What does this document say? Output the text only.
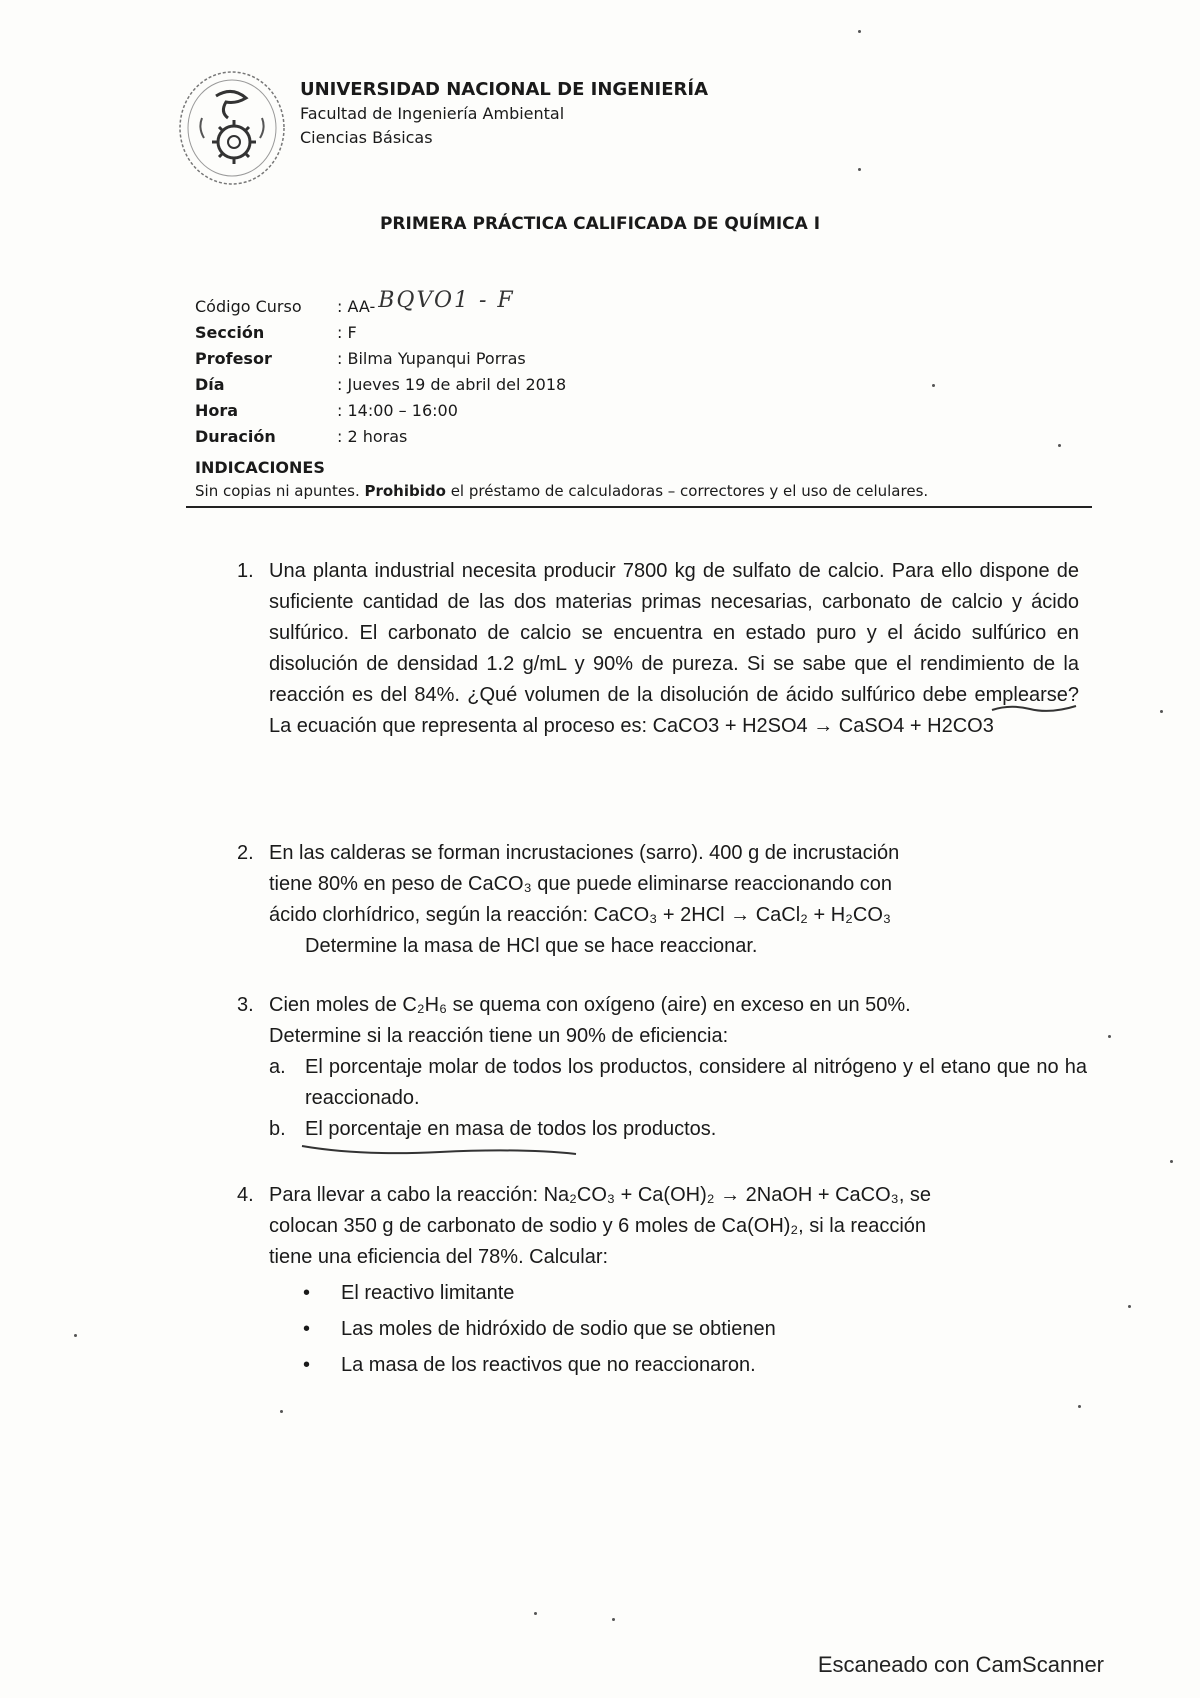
UNIVERSIDAD NACIONAL DE INGENIERÍA
Facultad de Ingeniería Ambiental
Ciencias Básicas
PRIMERA PRÁCTICA CALIFICADA DE QUÍMICA I
Código Curso	: AA- BQVO1 - F
Sección	: F
Profesor	: Bilma Yupanqui Porras
Día	: Jueves 19 de abril del 2018
Hora	: 14:00 – 16:00
Duración	: 2 horas
INDICACIONES
Sin copias ni apuntes. Prohibido el préstamo de calculadoras – correctores y el uso de celulares.
1. Una planta industrial necesita producir 7800 kg de sulfato de calcio. Para ello dispone de suficiente cantidad de las dos materias primas necesarias, carbonato de calcio y ácido sulfúrico. El carbonato de calcio se encuentra en estado puro y el ácido sulfúrico en disolución de densidad 1.2 g/mL y 90% de pureza. Si se sabe que el rendimiento de la reacción es del 84%. ¿Qué volumen de la disolución de ácido sulfúrico debe emplearse? La ecuación que representa al proceso es: CaCO3 + H2SO4 → CaSO4 + H2CO3
2. En las calderas se forman incrustaciones (sarro). 400 g de incrustación
tiene 80% en peso de CaCO₃ que puede eliminarse reaccionando con
ácido clorhídrico, según la reacción: CaCO₃ + 2HCl → CaCl₂ + H₂CO₃
Determine la masa de HCl que se hace reaccionar.
3. Cien moles de C₂H₆ se quema con oxígeno (aire) en exceso en un 50%.
Determine si la reacción tiene un 90% de eficiencia:
a. El porcentaje molar de todos los productos, considere al nitrógeno y el etano que no ha reaccionado.
b. El porcentaje en masa de todos los productos.
4. Para llevar a cabo la reacción: Na₂CO₃ + Ca(OH)₂ → 2NaOH + CaCO₃, se
colocan 350 g de carbonato de sodio y 6 moles de Ca(OH)₂, si la reacción
tiene una eficiencia del 78%. Calcular:
•	El reactivo limitante
•	Las moles de hidróxido de sodio que se obtienen
•	La masa de los reactivos que no reaccionaron.
Escaneado con CamScanner
